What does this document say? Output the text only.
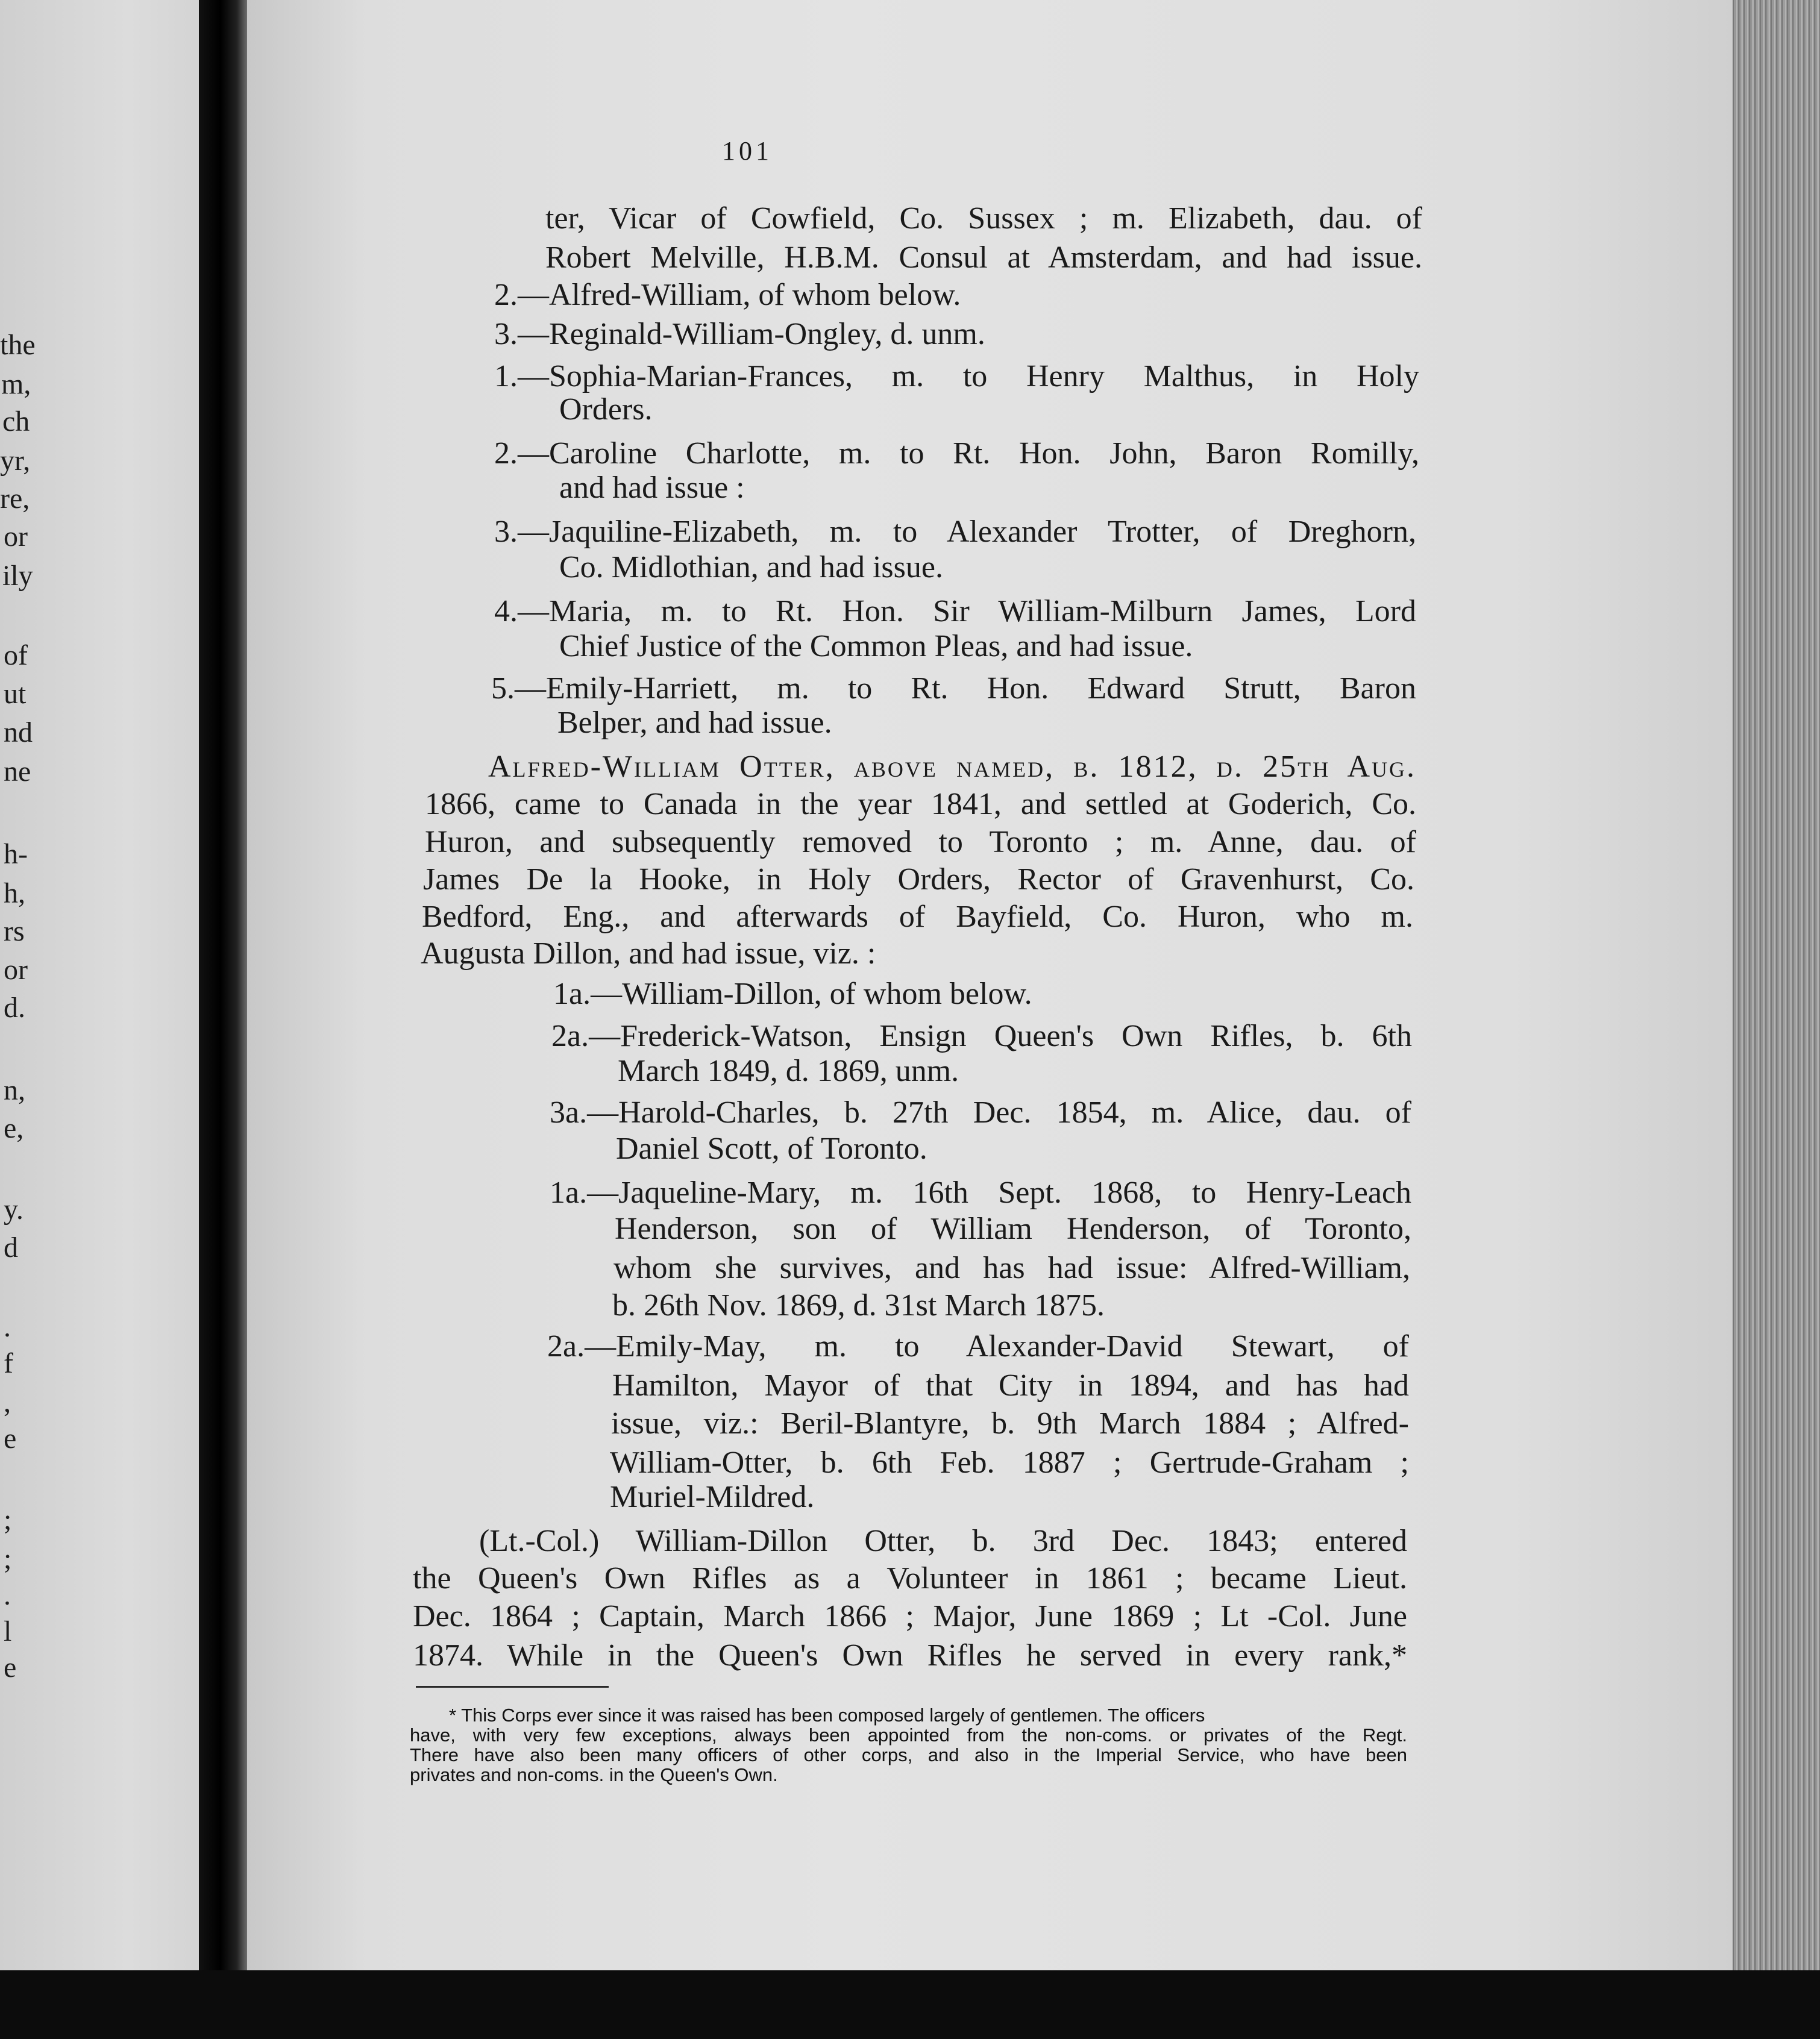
the
m,
ch
yr,
re,
or
ily
of
ut
nd
ne
h-
h,
rs
or
d.
n,
e,
y.
d
.
f
,
e
;
;
.
l
e
101
ter, Vicar of Cowfield, Co. Sussex ; m. Elizabeth, dau. of
Robert Melville, H.B.M. Consul at Amsterdam, and had issue.
2.—Alfred-William, of whom below.
3.—Reginald-William-Ongley, d. unm.
1.—Sophia-Marian-Frances, m. to Henry Malthus, in Holy
Orders.
2.—Caroline Charlotte, m. to Rt. Hon. John, Baron Romilly,
and had issue :
3.—Jaquiline-Elizabeth, m. to Alexander Trotter, of Dreghorn,
Co. Midlothian, and had issue.
4.—Maria, m. to Rt. Hon. Sir William-Milburn James, Lord
Chief Justice of the Common Pleas, and had issue.
5.—Emily-Harriett, m. to Rt. Hon. Edward Strutt, Baron
Belper, and had issue.
Alfred-William Otter, above named, b. 1812, d. 25th Aug.
1866, came to Canada in the year 1841, and settled at Goderich, Co.
Huron, and subsequently removed to Toronto ; m. Anne, dau. of
James De la Hooke, in Holy Orders, Rector of Gravenhurst, Co.
Bedford, Eng., and afterwards of Bayfield, Co. Huron, who m.
Augusta Dillon, and had issue, viz. :
1a.—William-Dillon, of whom below.
2a.—Frederick-Watson, Ensign Queen's Own Rifles, b. 6th
March 1849, d. 1869, unm.
3a.—Harold-Charles, b. 27th Dec. 1854, m. Alice, dau. of
Daniel Scott, of Toronto.
1a.—Jaqueline-Mary, m. 16th Sept. 1868, to Henry-Leach
Henderson, son of William Henderson, of Toronto,
whom she survives, and has had issue: Alfred-William,
b. 26th Nov. 1869, d. 31st March 1875.
2a.—Emily-May, m. to Alexander-David Stewart, of
Hamilton, Mayor of that City in 1894, and has had
issue, viz.: Beril-Blantyre, b. 9th March 1884 ; Alfred-
William-Otter, b. 6th Feb. 1887 ; Gertrude-Graham ;
Muriel-Mildred.
(Lt.-Col.) William-Dillon Otter, b. 3rd Dec. 1843; entered
the Queen's Own Rifles as a Volunteer in 1861 ; became Lieut.
Dec. 1864 ; Captain, March 1866 ; Major, June 1869 ; Lt -Col. June
1874. While in the Queen's Own Rifles he served in every rank,*
* This Corps ever since it was raised has been composed largely of gentlemen. The officers
have, with very few exceptions, always been appointed from the non-coms. or privates of the Regt.
There have also been many officers of other corps, and also in the Imperial Service, who have been
privates and non-coms. in the Queen's Own.
